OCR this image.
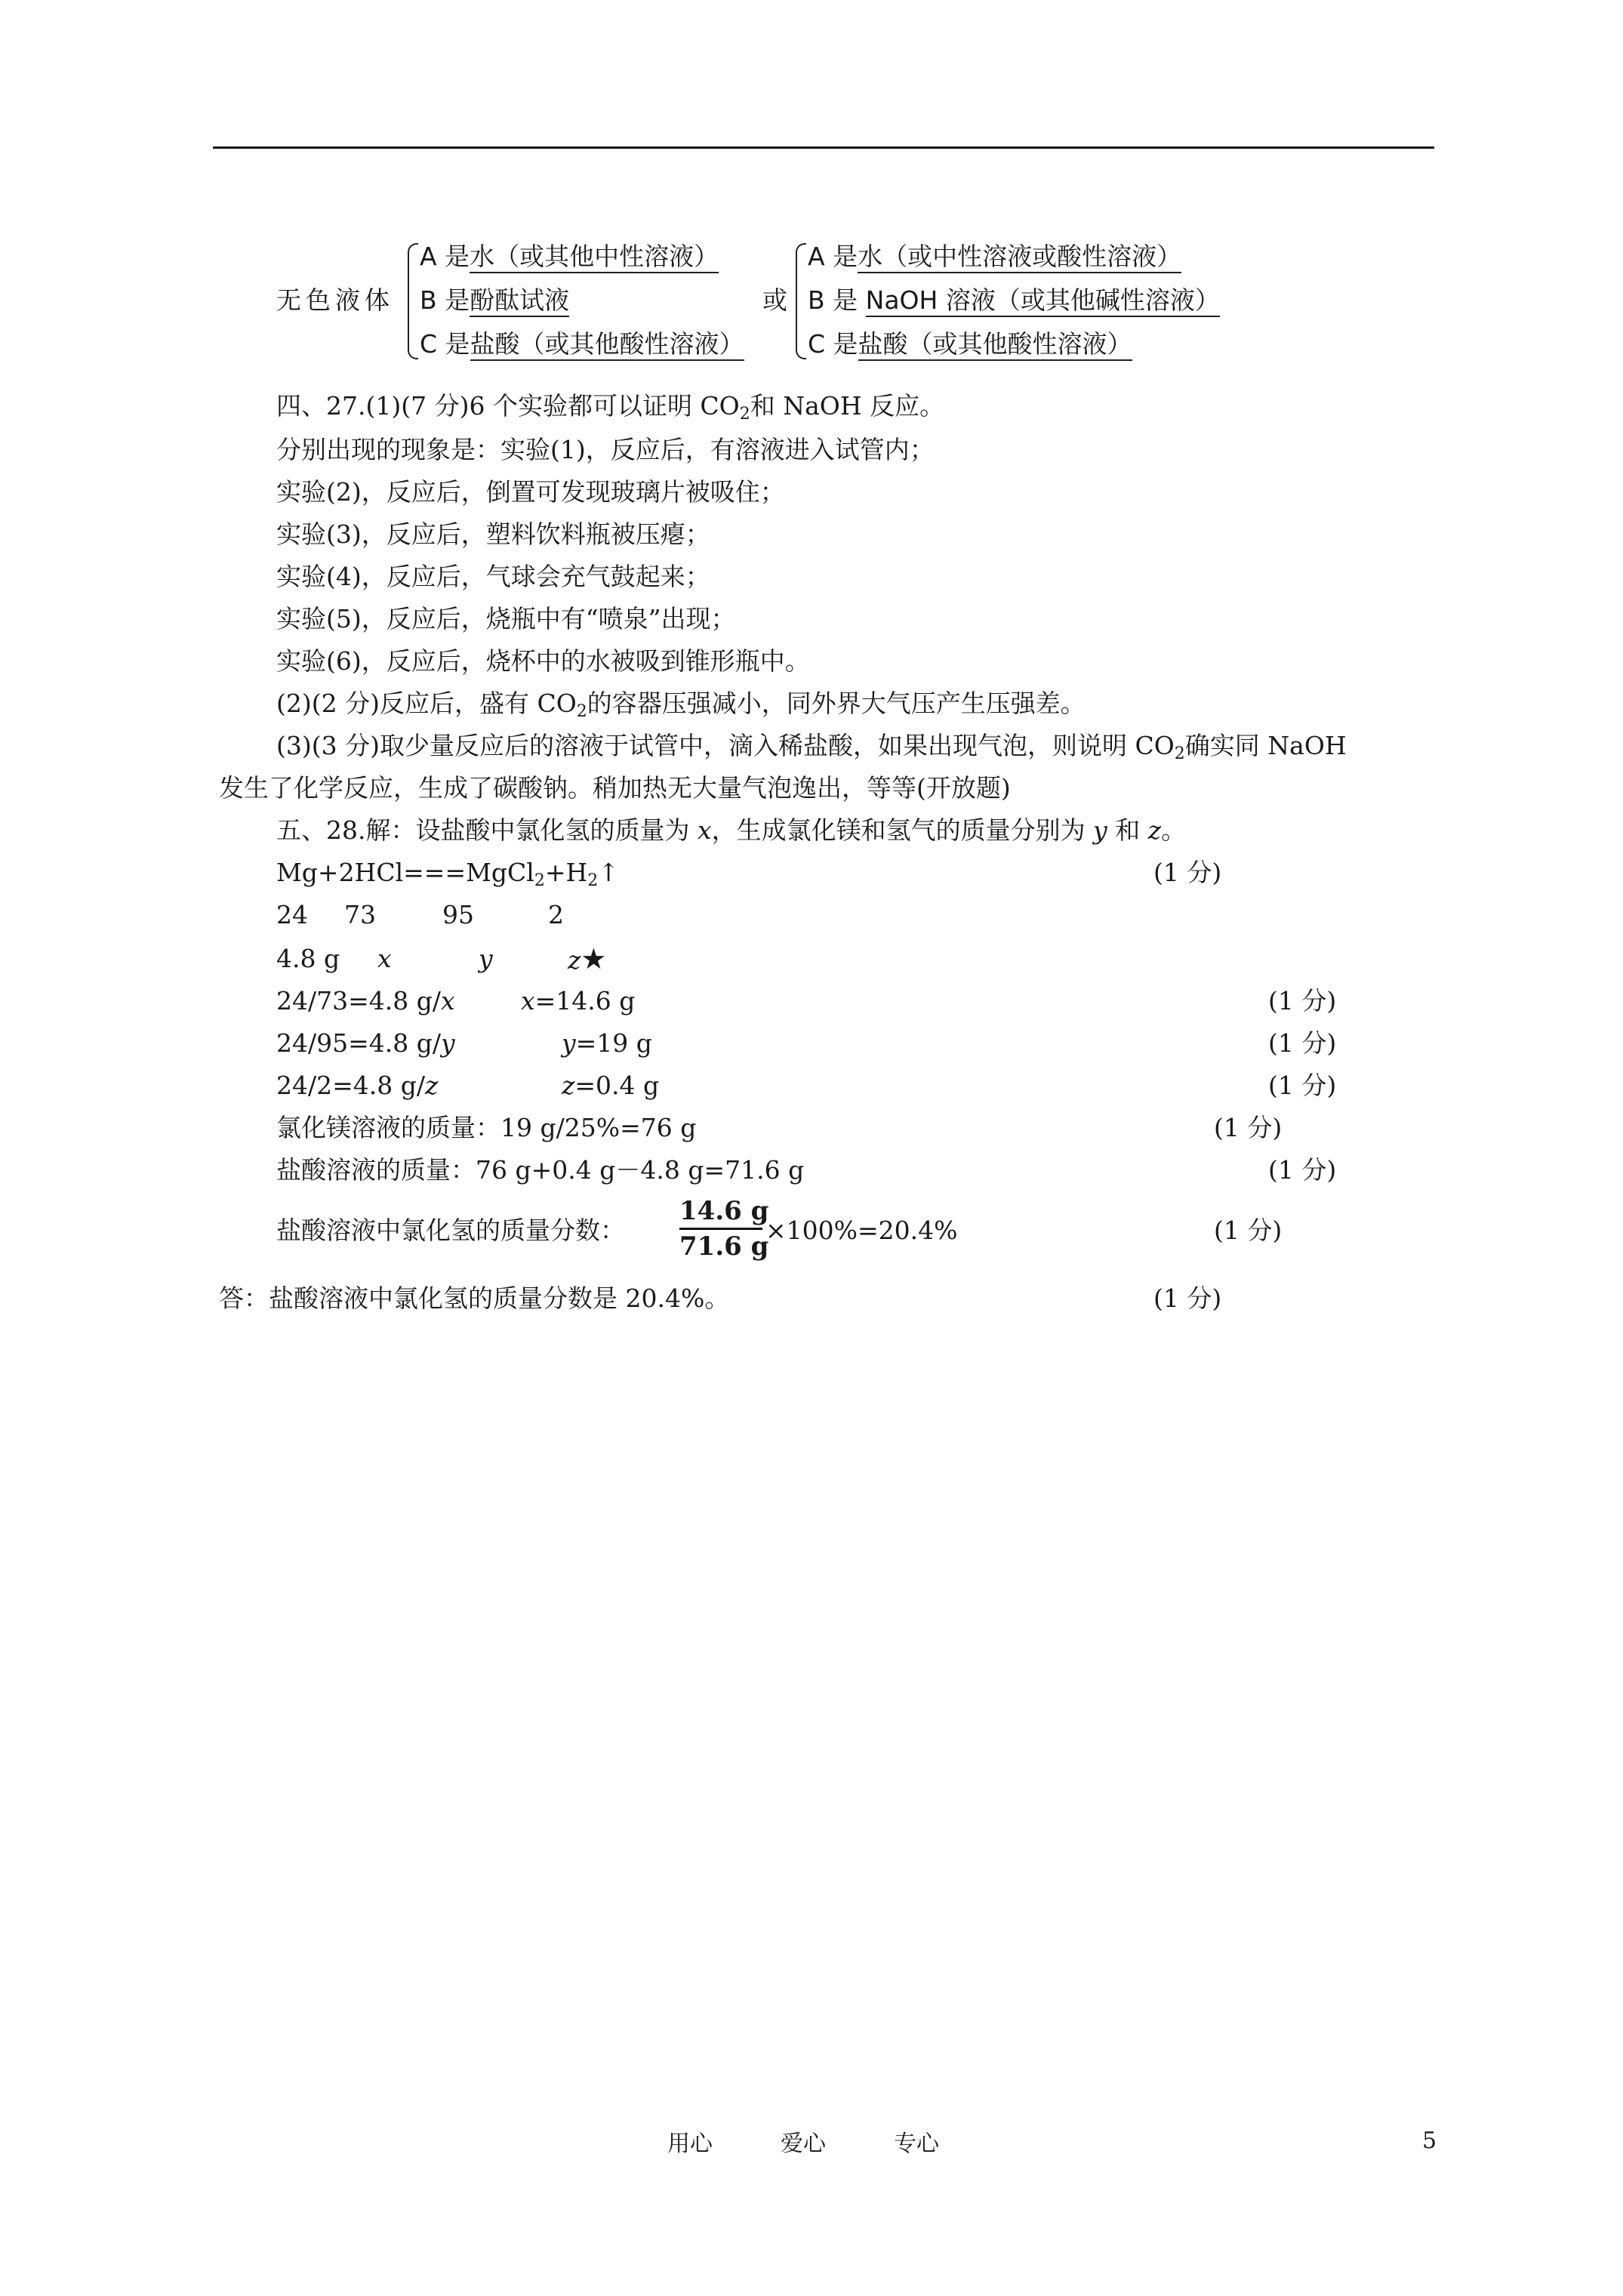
无色液体
A 是水（或其他中性溶液）
B 是酚酞试液
C 是盐酸（或其他酸性溶液）
或
A 是水（或中性溶液或酸性溶液）
B 是 NaOH 溶液（或其他碱性溶液）
C 是盐酸（或其他酸性溶液）
四、27.(1)(7 分)6 个实验都可以证明 $CO_2$和 NaOH 反应。
分别出现的现象是：实验(1)，反应后，有溶液进入试管内；
实验(2)，反应后，倒置可发现玻璃片被吸住；
实验(3)，反应后，塑料饮料瓶被压瘪；
实验(4)，反应后，气球会充气鼓起来；
实验(5)，反应后，烧瓶中有“喷泉”出现；
实验(6)，反应后，烧杯中的水被吸到锥形瓶中。
(2)(2 分)反应后，盛有 $CO_2$的容器压强减小，同外界大气压产生压强差。
(3)(3 分)取少量反应后的溶液于试管中，滴入稀盐酸，如果出现气泡，则说明 $CO_2$确实同 NaOH
发生了化学反应，生成了碳酸钠。稍加热无大量气泡逸出，等等(开放题)
五、28.解：设盐酸中氯化氢的质量为 x，生成氯化镁和氢气的质量分别为 y 和 z。
$Mg+2HCl===MgCl_2+H_2↑$	(1 分)
24 73	95	2
4.8 g x	y	z★
24/73=4.8 g/x	x=14.6 g	(1 分)
24/95=4.8 g/y	y=19 g	(1 分)
24/2=4.8 g/z	z=0.4 g	(1 分)
氯化镁溶液的质量：19 g/25%=76 g	(1 分)
盐酸溶液的质量：76 g+0.4 g－4.8 g=71.6 g	(1 分)
盐酸溶液中氯化氢的质量分数：
14.6 g
71.6 g
×100%=20.4%	(1 分)
答：盐酸溶液中氯化氢的质量分数是 20.4%。	(1 分)
用心	爱心	专心	5
